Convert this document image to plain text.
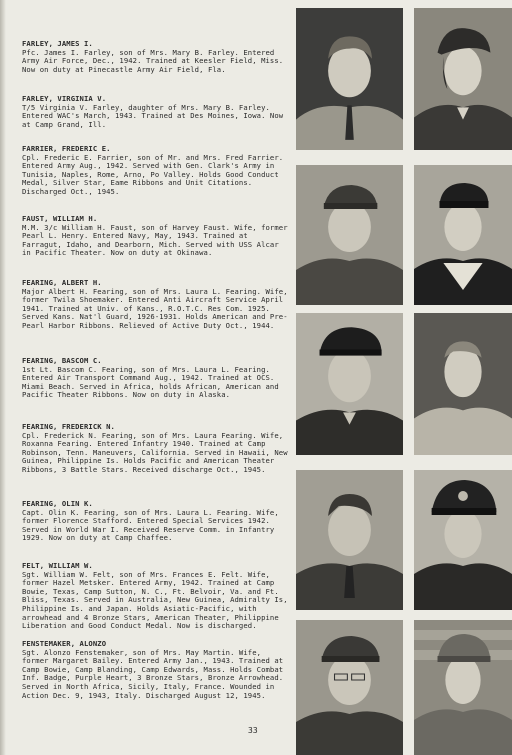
FARLEY, JAMES I.
Pfc. James I. Farley, son of Mrs. Mary B. Farley. Entered Army Air Force, Dec., 1942. Trained at Keesler Field, Miss. Now on duty at Pinecastle Army Air Field, Fla.
FARLEY, VIRGINIA V.
T/5 Virginia V. Farley, daughter of Mrs. Mary B. Farley. Entered WAC's March, 1943. Trained at Des Moines, Iowa. Now at Camp Grand, Ill.
FARRIER, FREDERIC E.
Cpl. Frederic E. Farrier, son of Mr. and Mrs. Fred Farrier. Entered Army Aug., 1942. Served with Gen. Clark's Army in Tunisia, Naples, Rome, Arno, Po Valley. Holds Good Conduct Medal, Silver Star, Eame Ribbons and Unit Citations. Discharged Oct., 1945.
FAUST, WILLIAM H.
M.M. 3/c William H. Faust, son of Harvey Faust. Wife, former Pearl L. Henry. Entered Navy, May, 1943. Trained at Farragut, Idaho, and Dearborn, Mich. Served with USS Alcar in Pacific Theater. Now on duty at Okinawa.
FEARING, ALBERT H.
Major Albert H. Fearing, son of Mrs. Laura L. Fearing. Wife, former Twila Shoemaker. Entered Anti Aircraft Service April 1941. Trained at Univ. of Kans., R.O.T.C. Res Com. 1925. Served Kans. Nat'l Guard, 1926-1931. Holds American and Pre-Pearl Harbor Ribbons. Relieved of Active Duty Oct., 1944.
FEARING, BASCOM C.
1st Lt. Bascom C. Fearing, son of Mrs. Laura L. Fearing. Entered Air Transport Command Aug., 1942. Trained at OCS. Miami Beach. Served in Africa, holds African, American and Pacific Theater Ribbons. Now on duty in Alaska.
FEARING, FREDERICK N.
Cpl. Frederick N. Fearing, son of Mrs. Laura Fearing. Wife, Roxanna Fearing. Entered Infantry 1940. Trained at Camp Robinson, Tenn. Maneuvers, California. Served in Hawaii, New Guinea, Philippine Is. Holds Pacific and American Theater Ribbons, 3 Battle Stars. Received discharge Oct., 1945.
FEARING, OLIN K.
Capt. Olin K. Fearing, son of Mrs. Laura L. Fearing. Wife, former Florence Stafford. Entered Special Services 1942. Served in World War I. Received Reserve Comm. in Infantry 1929. Now on duty at Camp Chaffee.
FELT, WILLIAM W.
Sgt. William W. Felt, son of Mrs. Frances E. Felt. Wife, former Hazel Metsker. Entered Army, 1942. Trained at Camp Bowie, Texas, Camp Sutton, N. C., Ft. Belvoir, Va. and Ft. Bliss, Texas. Served in Australia, New Guinea, Admiralty Is, Philippine Is. and Japan. Holds Asiatic-Pacific, with arrowhead and 4 Bronze Stars, American Theater, Philippine Liberation and Good Conduct Medal. Now is discharged.
FENSTEMAKER, ALONZO
Sgt. Alonzo Fenstemaker, son of Mrs. May Martin. Wife, former Margaret Bailey. Entered Army Jan., 1943. Trained at Camp Bowie, Camp Blanding, Camp Edwards, Mass. Holds Combat Inf. Badge, Purple Heart, 3 Bronze Stars, Bronze Arrowhead. Served in North Africa, Sicily, Italy, France. Wounded in Action Dec. 9, 1943, Italy. Discharged August 12, 1945.
33
